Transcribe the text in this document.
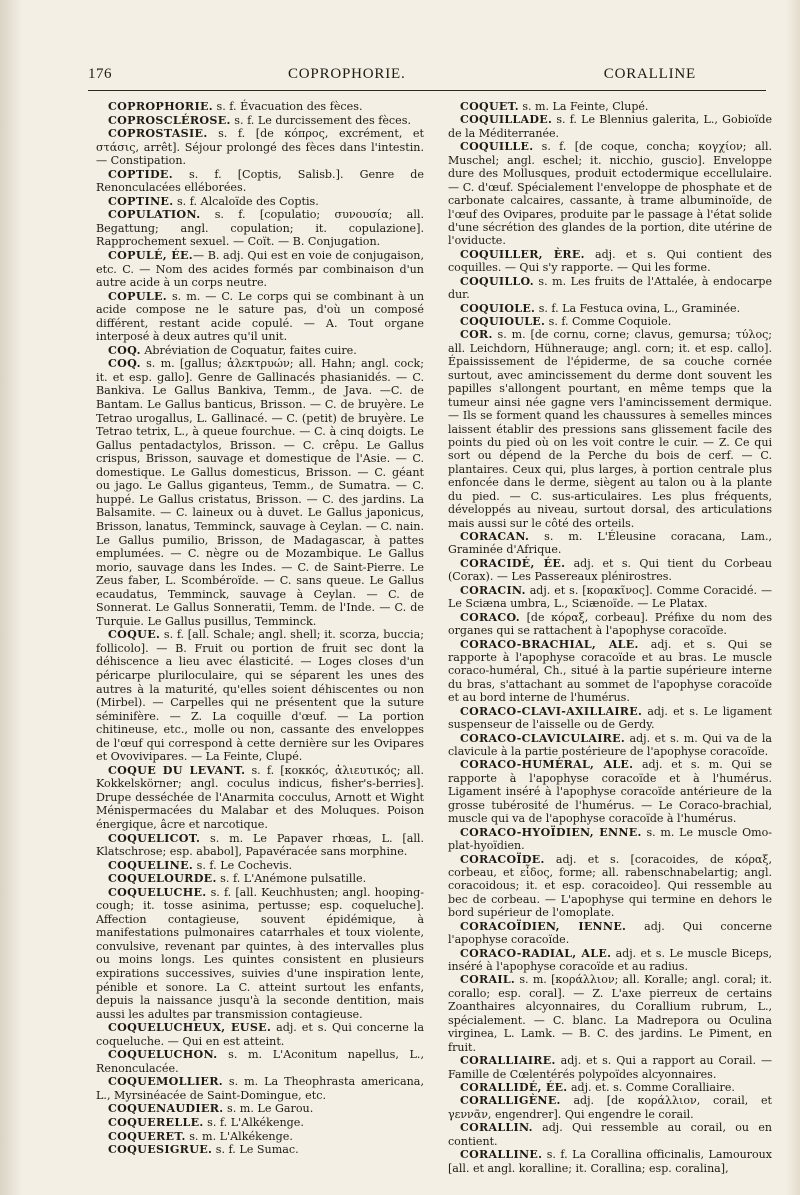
176	COPROPHORIE.	CORALLINE

COPROPHORIE. s. f. Évacuation des fèces.

COPROSCLÉROSE. s. f. Le durcissement des fèces.

COPROSTASIE. s. f. [de κόπρος, excrément, et στάσις, arrêt]. Séjour prolongé des fèces dans l'intestin. — Constipation.

COPTIDE. s. f. [Coptis, Salisb.]. Genre de Renonculacées elléborées.

COPTINE. s. f. Alcaloïde des Coptis.

COPULATION. s. f. [copulatio; συνουσία; all. Begattung; angl. copulation; it. copulazione]. Rapprochement sexuel. — Coït. — B. Conjugation.

COPULÉ, ÉE.— B. adj. Qui est en voie de conjugaison, etc. C. — Nom des acides formés par combinaison d'un autre acide à un corps neutre.

COPULE. s. m. — C. Le corps qui se combinant à un acide compose ne le sature pas, d'où un composé différent, restant acide copulé. — A. Tout organe interposé à deux autres qu'il unit.

COQ. Abréviation de Coquatur, faites cuire.

COQ. s. m. [gallus; ἀλεκτρυών; all. Hahn; angl. cock; it. et esp. gallo]. Genre de Gallinacés phasianidés. — C. Bankiva. Le Gallus Bankiva, Temm., de Java. —C. de Bantam. Le Gallus banticus, Brisson. — C. de bruyère. Le Tetrao urogallus, L. Gallinacé. — C. (petit) de bruyère. Le Tetrao tetrix, L., à queue fourchue. — C. à cinq doigts. Le Gallus pentadactylos, Brisson. — C. crêpu. Le Gallus crispus, Brisson, sauvage et domestique de l'Asie. — C. domestique. Le Gallus domesticus, Brisson. — C. géant ou jago. Le Gallus giganteus, Temm., de Sumatra. — C. huppé. Le Gallus cristatus, Brisson. — C. des jardins. La Balsamite. — C. laineux ou à duvet. Le Gallus japonicus, Brisson, lanatus, Temminck, sauvage à Ceylan. — C. nain. Le Gallus pumilio, Brisson, de Madagascar, à pattes emplumées. — C. nègre ou de Mozambique. Le Gallus morio, sauvage dans les Indes. — C. de Saint-Pierre. Le Zeus faber, L. Scombéroïde. — C. sans queue. Le Gallus ecaudatus, Temminck, sauvage à Ceylan. — C. de Sonnerat. Le Gallus Sonneratii, Temm. de l'Inde. — C. de Turquie. Le Gallus pusillus, Temminck.

COQUE. s. f. [all. Schale; angl. shell; it. scorza, buccia; follicolo]. — B. Fruit ou portion de fruit sec dont la déhiscence a lieu avec élasticité. — Loges closes d'un péricarpe pluriloculaire, qui se séparent les unes des autres à la maturité, qu'elles soient déhiscentes ou non (Mirbel). — Carpelles qui ne présentent que la suture séminifère. — Z. La coquille d'œuf. — La portion chitineuse, etc., molle ou non, cassante des enveloppes de l'œuf qui correspond à cette dernière sur les Ovipares et Ovovivipares. — La Feinte, Clupé.

COQUE DU LEVANT. s. f. [κοκκός, ἀλιευτικός; all. Kokkelskörner; angl. coculus indicus, fisher's-berries]. Drupe desséchée de l'Anarmita cocculus, Arnott et Wight Ménispermacées du Malabar et des Moluques. Poison énergique, âcre et narcotique.

COQUELICOT. s. m. Le Papaver rhœas, L. [all. Klatschrose; esp. ababol], Papavéracée sans morphine.

COQUELINE. s. f. Le Cochevis.

COQUELOURDE. s. f. L'Anémone pulsatille.

COQUELUCHE. s. f. [all. Keuchhusten; angl. hooping-cough; it. tosse asinima, pertusse; esp. coqueluche]. Affection contagieuse, souvent épidémique, à manifestations pulmonaires catarrhales et toux violente, convulsive, revenant par quintes, à des intervalles plus ou moins longs. Les quintes consistent en plusieurs expirations successives, suivies d'une inspiration lente, pénible et sonore. La C. atteint surtout les enfants, depuis la naissance jusqu'à la seconde dentition, mais aussi les adultes par transmission contagieuse.

COQUELUCHEUX, EUSE. adj. et s. Qui concerne la coqueluche. — Qui en est atteint.

COQUELUCHON. s. m. L'Aconitum napellus, L., Renonculacée.

COQUEMOLLIER. s. m. La Theophrasta americana, L., Myrsinéacée de Saint-Domingue, etc.

COQUENAUDIER. s. m. Le Garou.

COQUERELLE. s. f. L'Alkékenge.

COQUERET. s. m. L'Alkékenge.

COQUESIGRUE. s. f. Le Sumac.

COQUET. s. m. La Feinte, Clupé.

COQUILLADE. s. f. Le Blennius galerita, L., Gobioïde de la Méditerranée.

COQUILLE. s. f. [de coque, concha; κογχίον; all. Muschel; angl. eschel; it. nicchio, guscio]. Enveloppe dure des Mollusques, produit ectodermique eccellulaire. — C. d'œuf. Spécialement l'enveloppe de phosphate et de carbonate calcaires, cassante, à trame albuminoïde, de l'œuf des Ovipares, produite par le passage à l'état solide d'une sécrétion des glandes de la portion, dite utérine de l'oviducte.

COQUILLER, ÈRE. adj. et s. Qui contient des coquilles. — Qui s'y rapporte. — Qui les forme.

COQUILLO. s. m. Les fruits de l'Attalée, à endocarpe dur.

COQUIOLE. s. f. La Festuca ovina, L., Graminée.

COQUIOULE. s. f. Comme Coquiole.

COR. s. m. [de cornu, corne; clavus, gemursa; τύλος; all. Leichdorn, Hühnerauge; angl. corn; it. et esp. callo]. Épaississement de l'épiderme, de sa couche cornée surtout, avec amincissement du derme dont souvent les papilles s'allongent pourtant, en même temps que la tumeur ainsi née gagne vers l'amincissement dermique. — Ils se forment quand les chaussures à semelles minces laissent établir des pressions sans glissement facile des points du pied où on les voit contre le cuir. — Z. Ce qui sort ou dépend de la Perche du bois de cerf. — C. plantaires. Ceux qui, plus larges, à portion centrale plus enfoncée dans le derme, siègent au talon ou à la plante du pied. — C. sus-articulaires. Les plus fréquents, développés au niveau, surtout dorsal, des articulations mais aussi sur le côté des orteils.

CORACAN. s. m. L'Éleusine coracana, Lam., Graminée d'Afrique.

CORACIDÉ, ÉE. adj. et s. Qui tient du Corbeau (Corax). — Les Passereaux plénirostres.

CORACIN. adj. et s. [κορακῖνος]. Comme Coracidé. — Le Sciæna umbra, L., Sciænoïde. — Le Platax.

CORACO. [de κόραξ, corbeau]. Préfixe du nom des organes qui se rattachent à l'apophyse coracoïde.

CORACO-BRACHIAL, ALE. adj. et s. Qui se rapporte à l'apophyse coracoïde et au bras. Le muscle coraco-huméral, Ch., situé à la partie supérieure interne du bras, s'attachant au sommet de l'apophyse coracoïde et au bord interne de l'humérus.

CORACO-CLAVI-AXILLAIRE. adj. et s. Le ligament suspenseur de l'aisselle ou de Gerdy.

CORACO-CLAVICULAIRE. adj. et s. m. Qui va de la clavicule à la partie postérieure de l'apophyse coracoïde.

CORACO-HUMÉRAL, ALE. adj. et s. m. Qui se rapporte à l'apophyse coracoïde et à l'humérus. Ligament inséré à l'apophyse coracoïde antérieure de la grosse tubérosité de l'humérus. — Le Coraco-brachial, muscle qui va de l'apophyse coracoïde à l'humérus.

CORACO-HYOÏDIEN, ENNE. s. m. Le muscle Omo-plat-hyoïdien.

CORACOÏDE. adj. et s. [coracoides, de κόραξ, corbeau, et εἶδος, forme; all. rabenschnabelartig; angl. coracoidous; it. et esp. coracoideo]. Qui ressemble au bec de corbeau. — L'apophyse qui termine en dehors le bord supérieur de l'omoplate.

CORACOÏDIEN, IENNE. adj. Qui concerne l'apophyse coracoïde.

CORACO-RADIAL, ALE. adj. et s. Le muscle Biceps, inséré à l'apophyse coracoïde et au radius.

CORAIL. s. m. [κοράλλιον; all. Koralle; angl. coral; it. corallo; esp. coral]. — Z. L'axe pierreux de certains Zoanthaires alcyonnaires, du Corallium rubrum, L., spécialement. — C. blanc. La Madrepora ou Oculina virginea, L. Lamk. — B. C. des jardins. Le Piment, en fruit.

CORALLIAIRE. adj. et s. Qui a rapport au Corail. — Famille de Cœlentérés polypoïdes alcyonnaires.

CORALLIDÉ, ÉE. adj. et. s. Comme Coralliaire.

CORALLIGÈNE. adj. [de κοράλλιον, corail, et γεννᾶν, engendrer]. Qui engendre le corail.

CORALLIN. adj. Qui ressemble au corail, ou en contient.

CORALLINE. s. f. La Corallina officinalis, Lamouroux [all. et angl. koralline; it. Corallina; esp. coralina],
